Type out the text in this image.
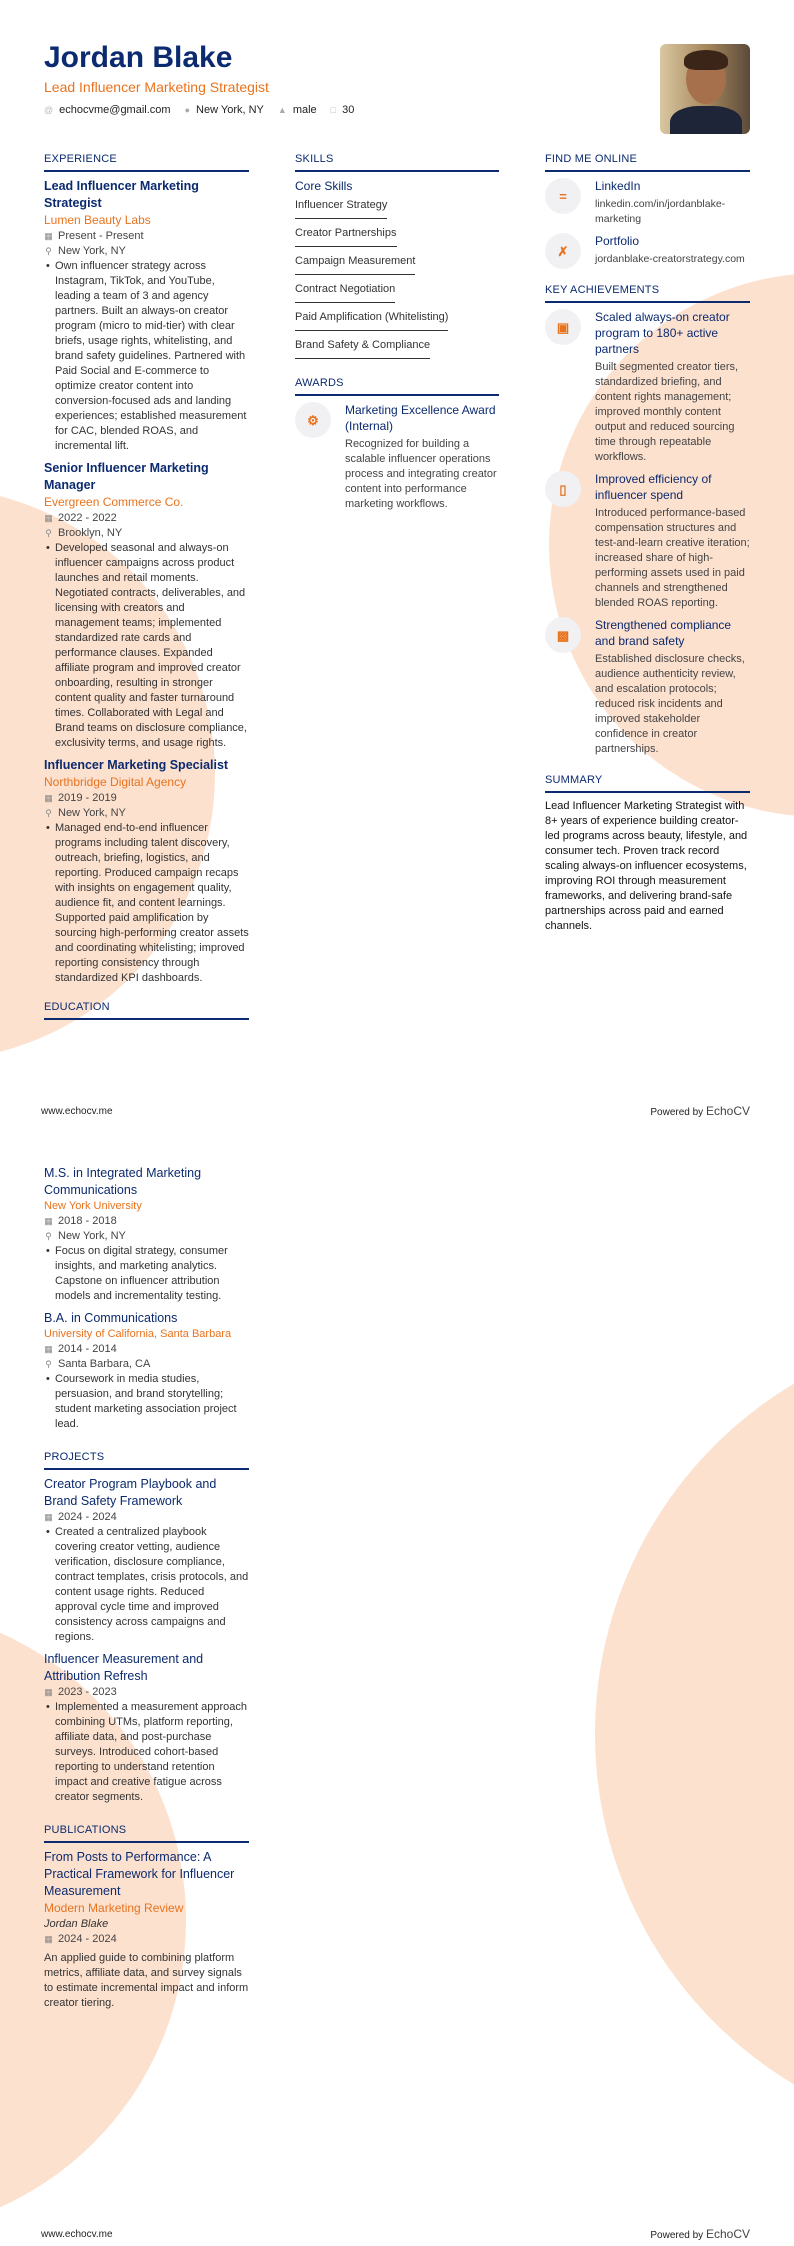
Jordan Blake
Lead Influencer Marketing Strategist
@ echocvme@gmail.com ● New York, NY ▲ male □ 30
EXPERIENCE
Lead Influencer Marketing Strategist
Lumen Beauty Labs
▦ Present - Present
⚲ New York, NY
• Own influencer strategy across Instagram, TikTok, and YouTube, leading a team of 3 and agency partners. Built an always-on creator program (micro to mid-tier) with clear briefs, usage rights, whitelisting, and brand safety guidelines. Partnered with Paid Social and E-commerce to optimize creator content into conversion-focused ads and landing experiences; established measurement for CAC, blended ROAS, and incremental lift.
Senior Influencer Marketing Manager
Evergreen Commerce Co.
▦ 2022 - 2022
⚲ Brooklyn, NY
• Developed seasonal and always-on influencer campaigns across product launches and retail moments. Negotiated contracts, deliverables, and licensing with creators and management teams; implemented standardized rate cards and performance clauses. Expanded affiliate program and improved creator onboarding, resulting in stronger content quality and faster turnaround times. Collaborated with Legal and Brand teams on disclosure compliance, exclusivity terms, and usage rights.
Influencer Marketing Specialist
Northbridge Digital Agency
▦ 2019 - 2019
⚲ New York, NY
• Managed end-to-end influencer programs including talent discovery, outreach, briefing, logistics, and reporting. Produced campaign recaps with insights on engagement quality, audience fit, and content learnings. Supported paid amplification by sourcing high-performing creator assets and coordinating whitelisting; improved reporting consistency through standardized KPI dashboards.
EDUCATION
SKILLS
Core Skills
Influencer Strategy
Creator Partnerships
Campaign Measurement
Contract Negotiation
Paid Amplification (Whitelisting)
Brand Safety & Compliance
AWARDS
⚙
Marketing Excellence Award (Internal)
Recognized for building a scalable influencer operations process and integrating creator content into performance marketing workflows.
FIND ME ONLINE
=
LinkedIn
linkedin.com/in/jordanblake-marketing
✗
Portfolio
jordanblake-creatorstrategy.com
KEY ACHIEVEMENTS
▣
Scaled always-on creator program to 180+ active partners
Built segmented creator tiers, standardized briefing, and content rights management; improved monthly content output and reduced sourcing time through repeatable workflows.
▯
Improved efficiency of influencer spend
Introduced performance-based compensation structures and test-and-learn creative iteration; increased share of high-performing assets used in paid channels and strengthened blended ROAS reporting.
▩
Strengthened compliance and brand safety
Established disclosure checks, audience authenticity review, and escalation protocols; reduced risk incidents and improved stakeholder confidence in creator partnerships.
SUMMARY
Lead Influencer Marketing Strategist with 8+ years of experience building creator-led programs across beauty, lifestyle, and consumer tech. Proven track record scaling always-on influencer ecosystems, improving ROI through measurement frameworks, and delivering brand-safe partnerships across paid and earned channels.
www.echocv.me	Powered by EchoCV
M.S. in Integrated Marketing Communications
New York University
▦ 2018 - 2018
⚲ New York, NY
• Focus on digital strategy, consumer insights, and marketing analytics. Capstone on influencer attribution models and incrementality testing.
B.A. in Communications
University of California, Santa Barbara
▦ 2014 - 2014
⚲ Santa Barbara, CA
• Coursework in media studies, persuasion, and brand storytelling; student marketing association project lead.
PROJECTS
Creator Program Playbook and Brand Safety Framework
▦ 2024 - 2024
• Created a centralized playbook covering creator vetting, audience verification, disclosure compliance, contract templates, crisis protocols, and content usage rights. Reduced approval cycle time and improved consistency across campaigns and regions.
Influencer Measurement and Attribution Refresh
▦ 2023 - 2023
• Implemented a measurement approach combining UTMs, platform reporting, affiliate data, and post-purchase surveys. Introduced cohort-based reporting to understand retention impact and creative fatigue across creator segments.
PUBLICATIONS
From Posts to Performance: A Practical Framework for Influencer Measurement
Modern Marketing Review
Jordan Blake
▦ 2024 - 2024
An applied guide to combining platform metrics, affiliate data, and survey signals to estimate incremental impact and inform creator tiering.
www.echocv.me	Powered by EchoCV
